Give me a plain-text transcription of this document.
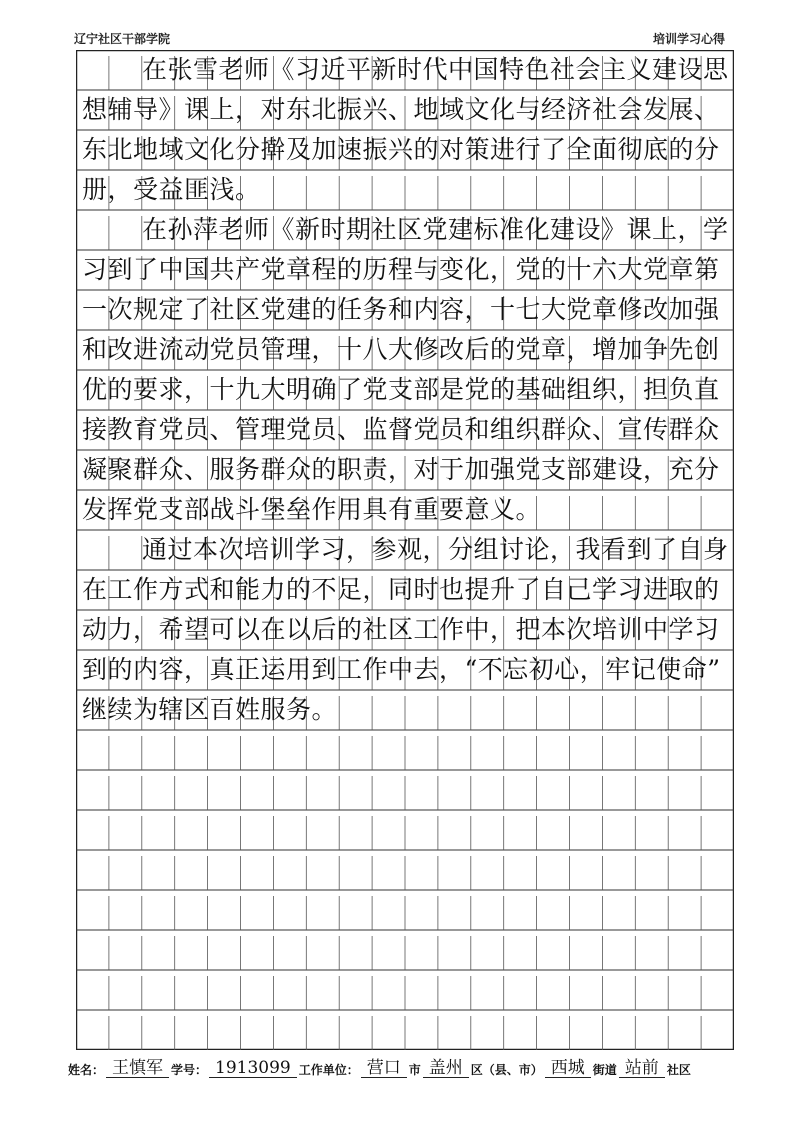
辽宁社区干部学院	培训学习心得
在张雪老师《习近平新时代中国特色社会主义建设思
想辅导》课上，对东北振兴、地域文化与经济社会发展、
东北地域文化分擀及加速振兴的对策进行了全面彻底的分
册，受益匪浅。
在孙萍老师《新时期社区党建标准化建设》课上，学
习到了中国共产党章程的历程与变化，党的十六大党章第
一次规定了社区党建的任务和内容，十七大党章修改加强
和改进流动党员管理，十八大修改后的党章，增加争先创
优的要求，十九大明确了党支部是党的基础组织，担负直
接教育党员、管理党员、监督党员和组织群众、宣传群众
凝聚群众、服务群众的职责，对于加强党支部建设，充分
发挥党支部战斗堡垒作用具有重要意义。
通过本次培训学习，参观，分组讨论，我看到了自身
在工作方式和能力的不足，同时也提升了自己学习进取的
动力，希望可以在以后的社区工作中，把本次培训中学习
到的内容，真正运用到工作中去，“不忘初心，牢记使命”
继续为辖区百姓服务。
姓名： 王慎军 学号： 1913099 工作单位： 营口 市 盖州 区（县、市） 西城 街道 站前 社区
